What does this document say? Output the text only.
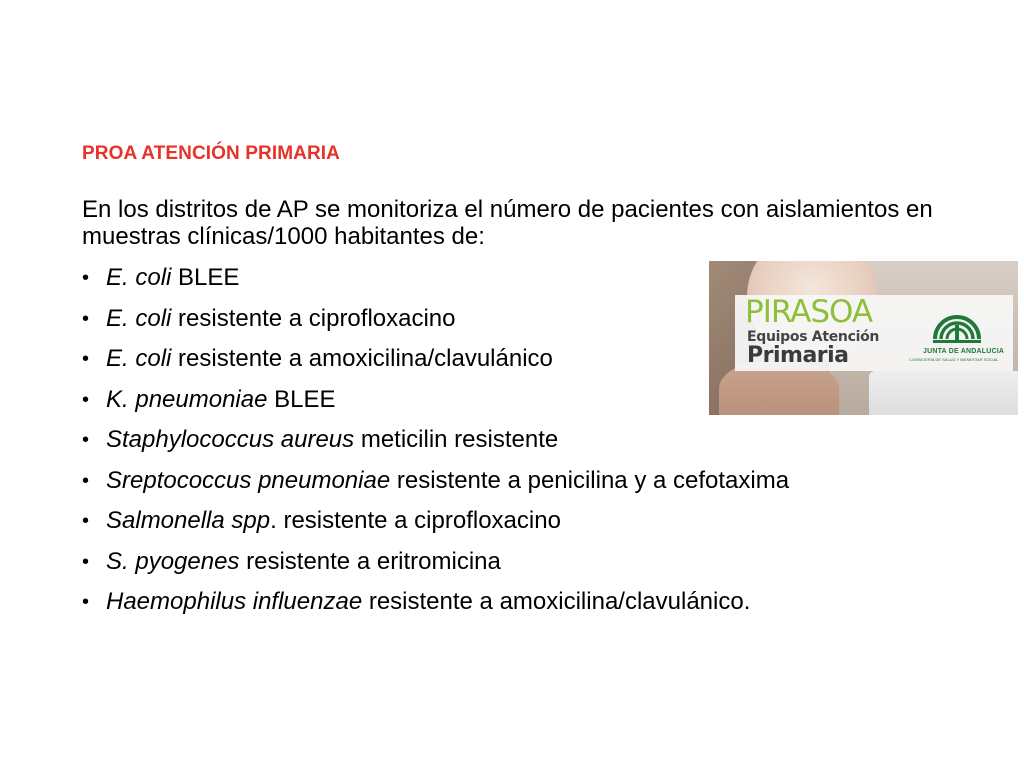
PROA ATENCIÓN PRIMARIA
En los distritos de AP se monitoriza el número de pacientes con aislamientos en muestras clínicas/1000 habitantes de:
• E. coli BLEE
• E. coli resistente a ciprofloxacino
• E. coli resistente a amoxicilina/clavulánico
• K. pneumoniae BLEE
• Staphylococcus aureus meticilin resistente
• Sreptococcus pneumoniae resistente a penicilina y a cefotaxima
• Salmonella spp. resistente a ciprofloxacino
• S. pyogenes resistente a eritromicina
• Haemophilus influenzae resistente a amoxicilina/clavulánico.
PIRASOA
Equipos Atención
Primaria	JUNTA DE ANDALUCIA
CONSEJERÍA DE SALUD Y BIENESTAR SOCIAL
